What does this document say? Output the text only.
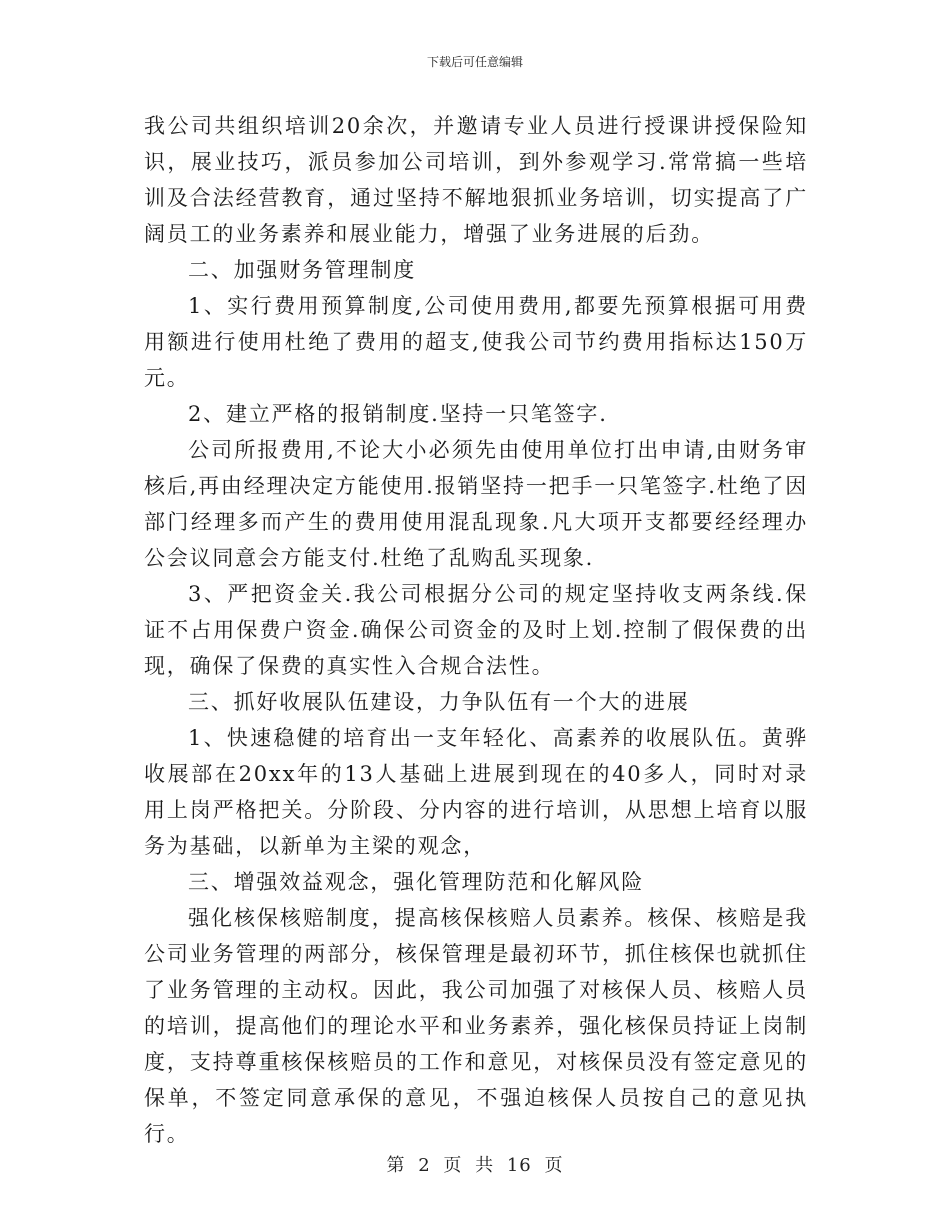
下载后可任意编辑

我公司共组织培训20余次，并邀请专业人员进行授课讲授保险知识，展业技巧，派员参加公司培训，到外参观学习.常常搞一些培训及合法经营教育，通过坚持不解地狠抓业务培训，切实提高了广阔员工的业务素养和展业能力，增强了业务进展的后劲。

二、加强财务管理制度

1、实行费用预算制度,公司使用费用,都要先预算根据可用费用额进行使用杜绝了费用的超支,使我公司节约费用指标达150万元。

2、建立严格的报销制度.坚持一只笔签字.

公司所报费用,不论大小必须先由使用单位打出申请,由财务审核后,再由经理决定方能使用.报销坚持一把手一只笔签字.杜绝了因部门经理多而产生的费用使用混乱现象.凡大项开支都要经经理办公会议同意会方能支付.杜绝了乱购乱买现象.

3、严把资金关.我公司根据分公司的规定坚持收支两条线.保证不占用保费户资金.确保公司资金的及时上划.控制了假保费的出现，确保了保费的真实性入合规合法性。

三、抓好收展队伍建设，力争队伍有一个大的进展

1、快速稳健的培育出一支年轻化、高素养的收展队伍。黄骅收展部在20xx年的13人基础上进展到现在的40多人，同时对录用上岗严格把关。分阶段、分内容的进行培训，从思想上培育以服务为基础，以新单为主梁的观念，

三、增强效益观念，强化管理防范和化解风险

强化核保核赔制度，提高核保核赔人员素养。核保、核赔是我公司业务管理的两部分，核保管理是最初环节，抓住核保也就抓住了业务管理的主动权。因此，我公司加强了对核保人员、核赔人员的培训，提高他们的理论水平和业务素养，强化核保员持证上岗制度，支持尊重核保核赔员的工作和意见，对核保员没有签定意见的保单，不签定同意承保的意见，不强迫核保人员按自己的意见执行。

第 2 页 共 16 页
